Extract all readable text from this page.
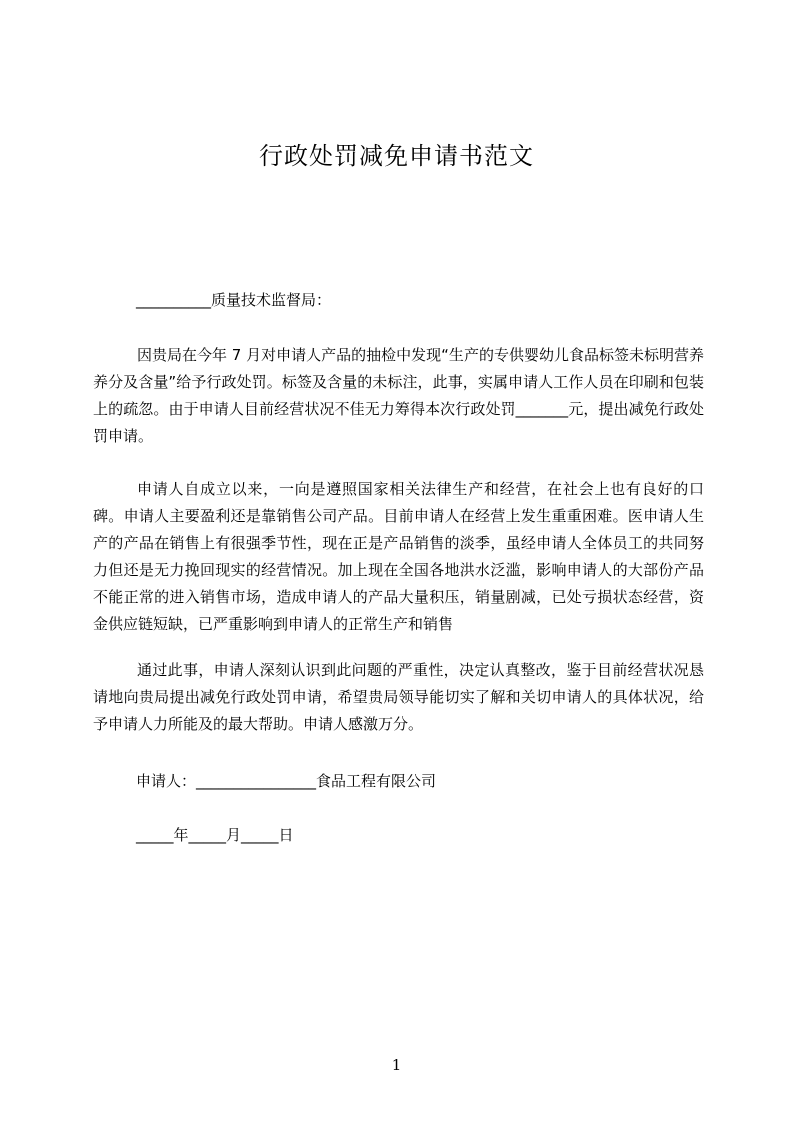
行政处罚减免申请书范文
__________质量技术监督局：

因贵局在今年 7 月对申请人产品的抽检中发现“生产的专供婴幼儿食品标签未标明营养养分及含量”给予行政处罚。标签及含量的未标注，此事，实属申请人工作人员在印刷和包装上的疏忽。由于申请人目前经营状况不佳无力筹得本次行政处罚_______元，提出减免行政处罚申请。

申请人自成立以来，一向是遵照国家相关法律生产和经营，在社会上也有良好的口碑。申请人主要盈利还是靠销售公司产品。目前申请人在经营上发生重重困难。医申请人生产的产品在销售上有很强季节性，现在正是产品销售的淡季，虽经申请人全体员工的共同努力但还是无力挽回现实的经营情况。加上现在全国各地洪水泛滥，影响申请人的大部份产品不能正常的进入销售市场，造成申请人的产品大量积压，销量剧减，已处亏损状态经营，资金供应链短缺，已严重影响到申请人的正常生产和销售

通过此事，申请人深刻认识到此问题的严重性，决定认真整改，鉴于目前经营状况恳请地向贵局提出减免行政处罚申请，希望贵局领导能切实了解和关切申请人的具体状况，给予申请人力所能及的最大帮助。申请人感激万分。

申请人：________________食品工程有限公司
_____年_____月_____日
1
